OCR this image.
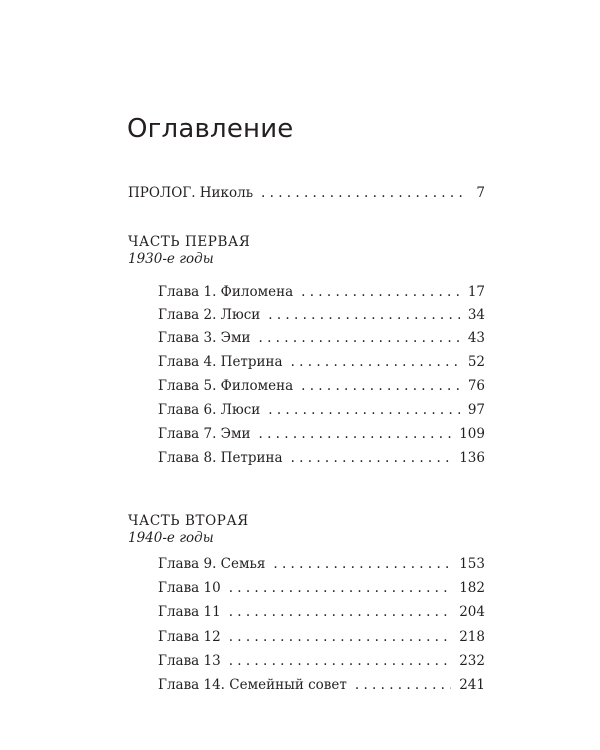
Оглавление
ПРОЛОГ. Николь . . .	7
ЧАСТЬ ПЕРВАЯ
1930-е годы
Глава 1. Филомена . . .	17
Глава 2. Люси . . .	34
Глава 3. Эми . . .	43
Глава 4. Петрина . . .	52
Глава 5. Филомена . . .	76
Глава 6. Люси . . .	97
Глава 7. Эми . . .	109
Глава 8. Петрина . . .	136
ЧАСТЬ ВТОРАЯ
1940-е годы
Глава 9. Семья . . .	153
Глава 10 . . .	182
Глава 11 . . .	204
Глава 12 . . .	218
Глава 13 . . .	232
Глава 14. Семейный совет . . .	241
